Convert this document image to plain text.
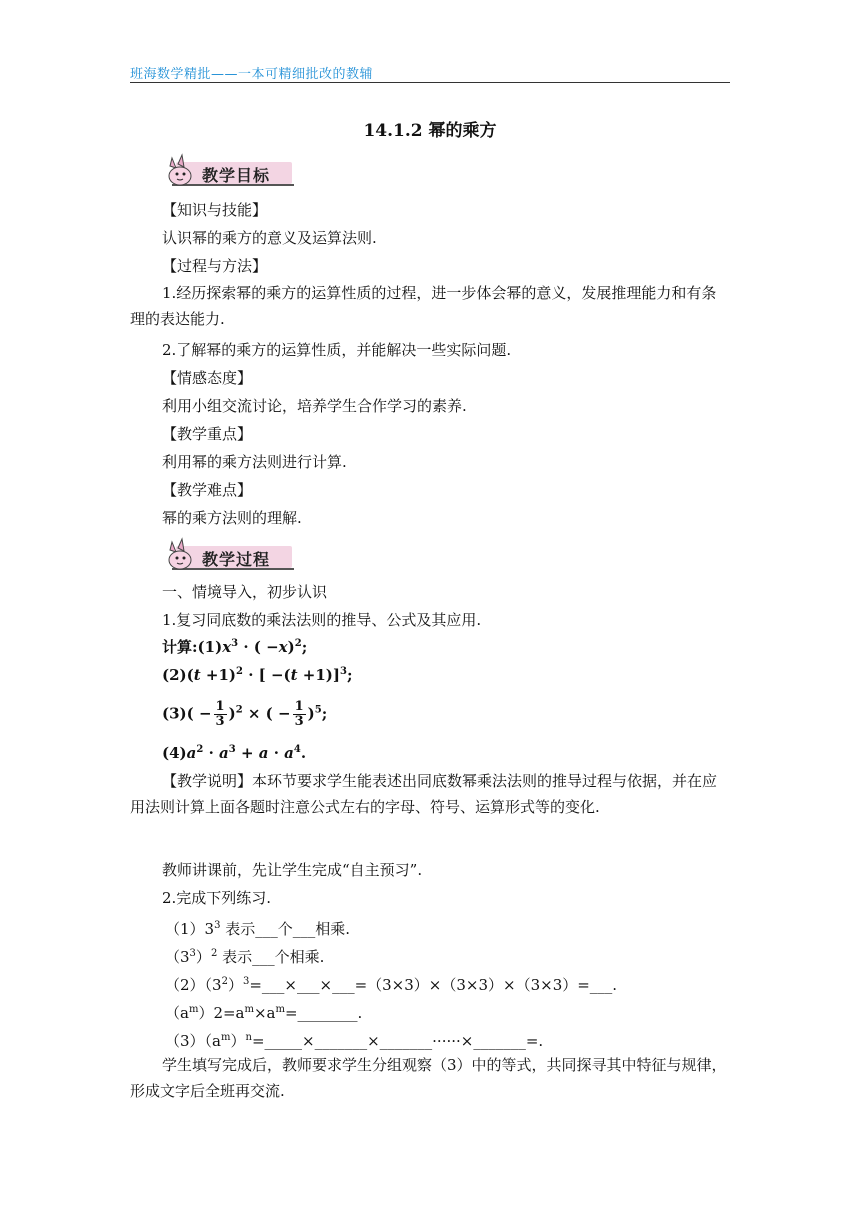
班海数学精批——一本可精细批改的教辅
14.1.2 幂的乘方
教学目标
【知识与技能】
认识幂的乘方的意义及运算法则.
【过程与方法】
1.经历探索幂的乘方的运算性质的过程，进一步体会幂的意义，发展推理能力和有条理的表达能力.
2.了解幂的乘方的运算性质，并能解决一些实际问题.
【情感态度】
利用小组交流讨论，培养学生合作学习的素养.
【教学重点】
利用幂的乘方法则进行计算.
【教学难点】
幂的乘方法则的理解.
教学过程
一、情境导入，初步认识
1.复习同底数的乘法法则的推导、公式及其应用.
计算$:(1)x^3$ · ( −x)$^2$;
$(2)(t +1)^2$ · [ −(t +1)]$^3$;
$(3)( - \frac{1}{3} )^2$ × ( − $\frac{1}{3} )^5$;
$(4)a^2 \cdot a^3 + a \cdot a^4$.
【教学说明】本环节要求学生能表述出同底数幂乘法法则的推导过程与依据，并在应用法则计算上面各题时注意公式左右的字母、符号、运算形式等的变化.
教师讲课前，先让学生完成“自主预习”.
2.完成下列练习.
$(1)3^3$ 表示___个___相乘.
$(3^3)^2$ 表示___个相乘.
$(2)(3^2)^3=\_\_\_\times\_\_\_\times\_\_\_=(3\times 3)\times(3\times 3)\times(3\times 3)=\_\_\_$.
$(a^m)2=a^m\times a^m=\_\_\_\_\_\_\_\_$.
$(3)(a^m)^n=\_\_\_\_\_\times\_\_\_\_\_\_\_\times\_\_\_\_\_\_\_\cdot\cdot\cdot\cdot\cdot\cdot\times\_\_\_\_\_\_\_=$.
学生填写完成后，教师要求学生分组观察（3）中的等式，共同探寻其中特征与规律，形成文字后全班再交流.
